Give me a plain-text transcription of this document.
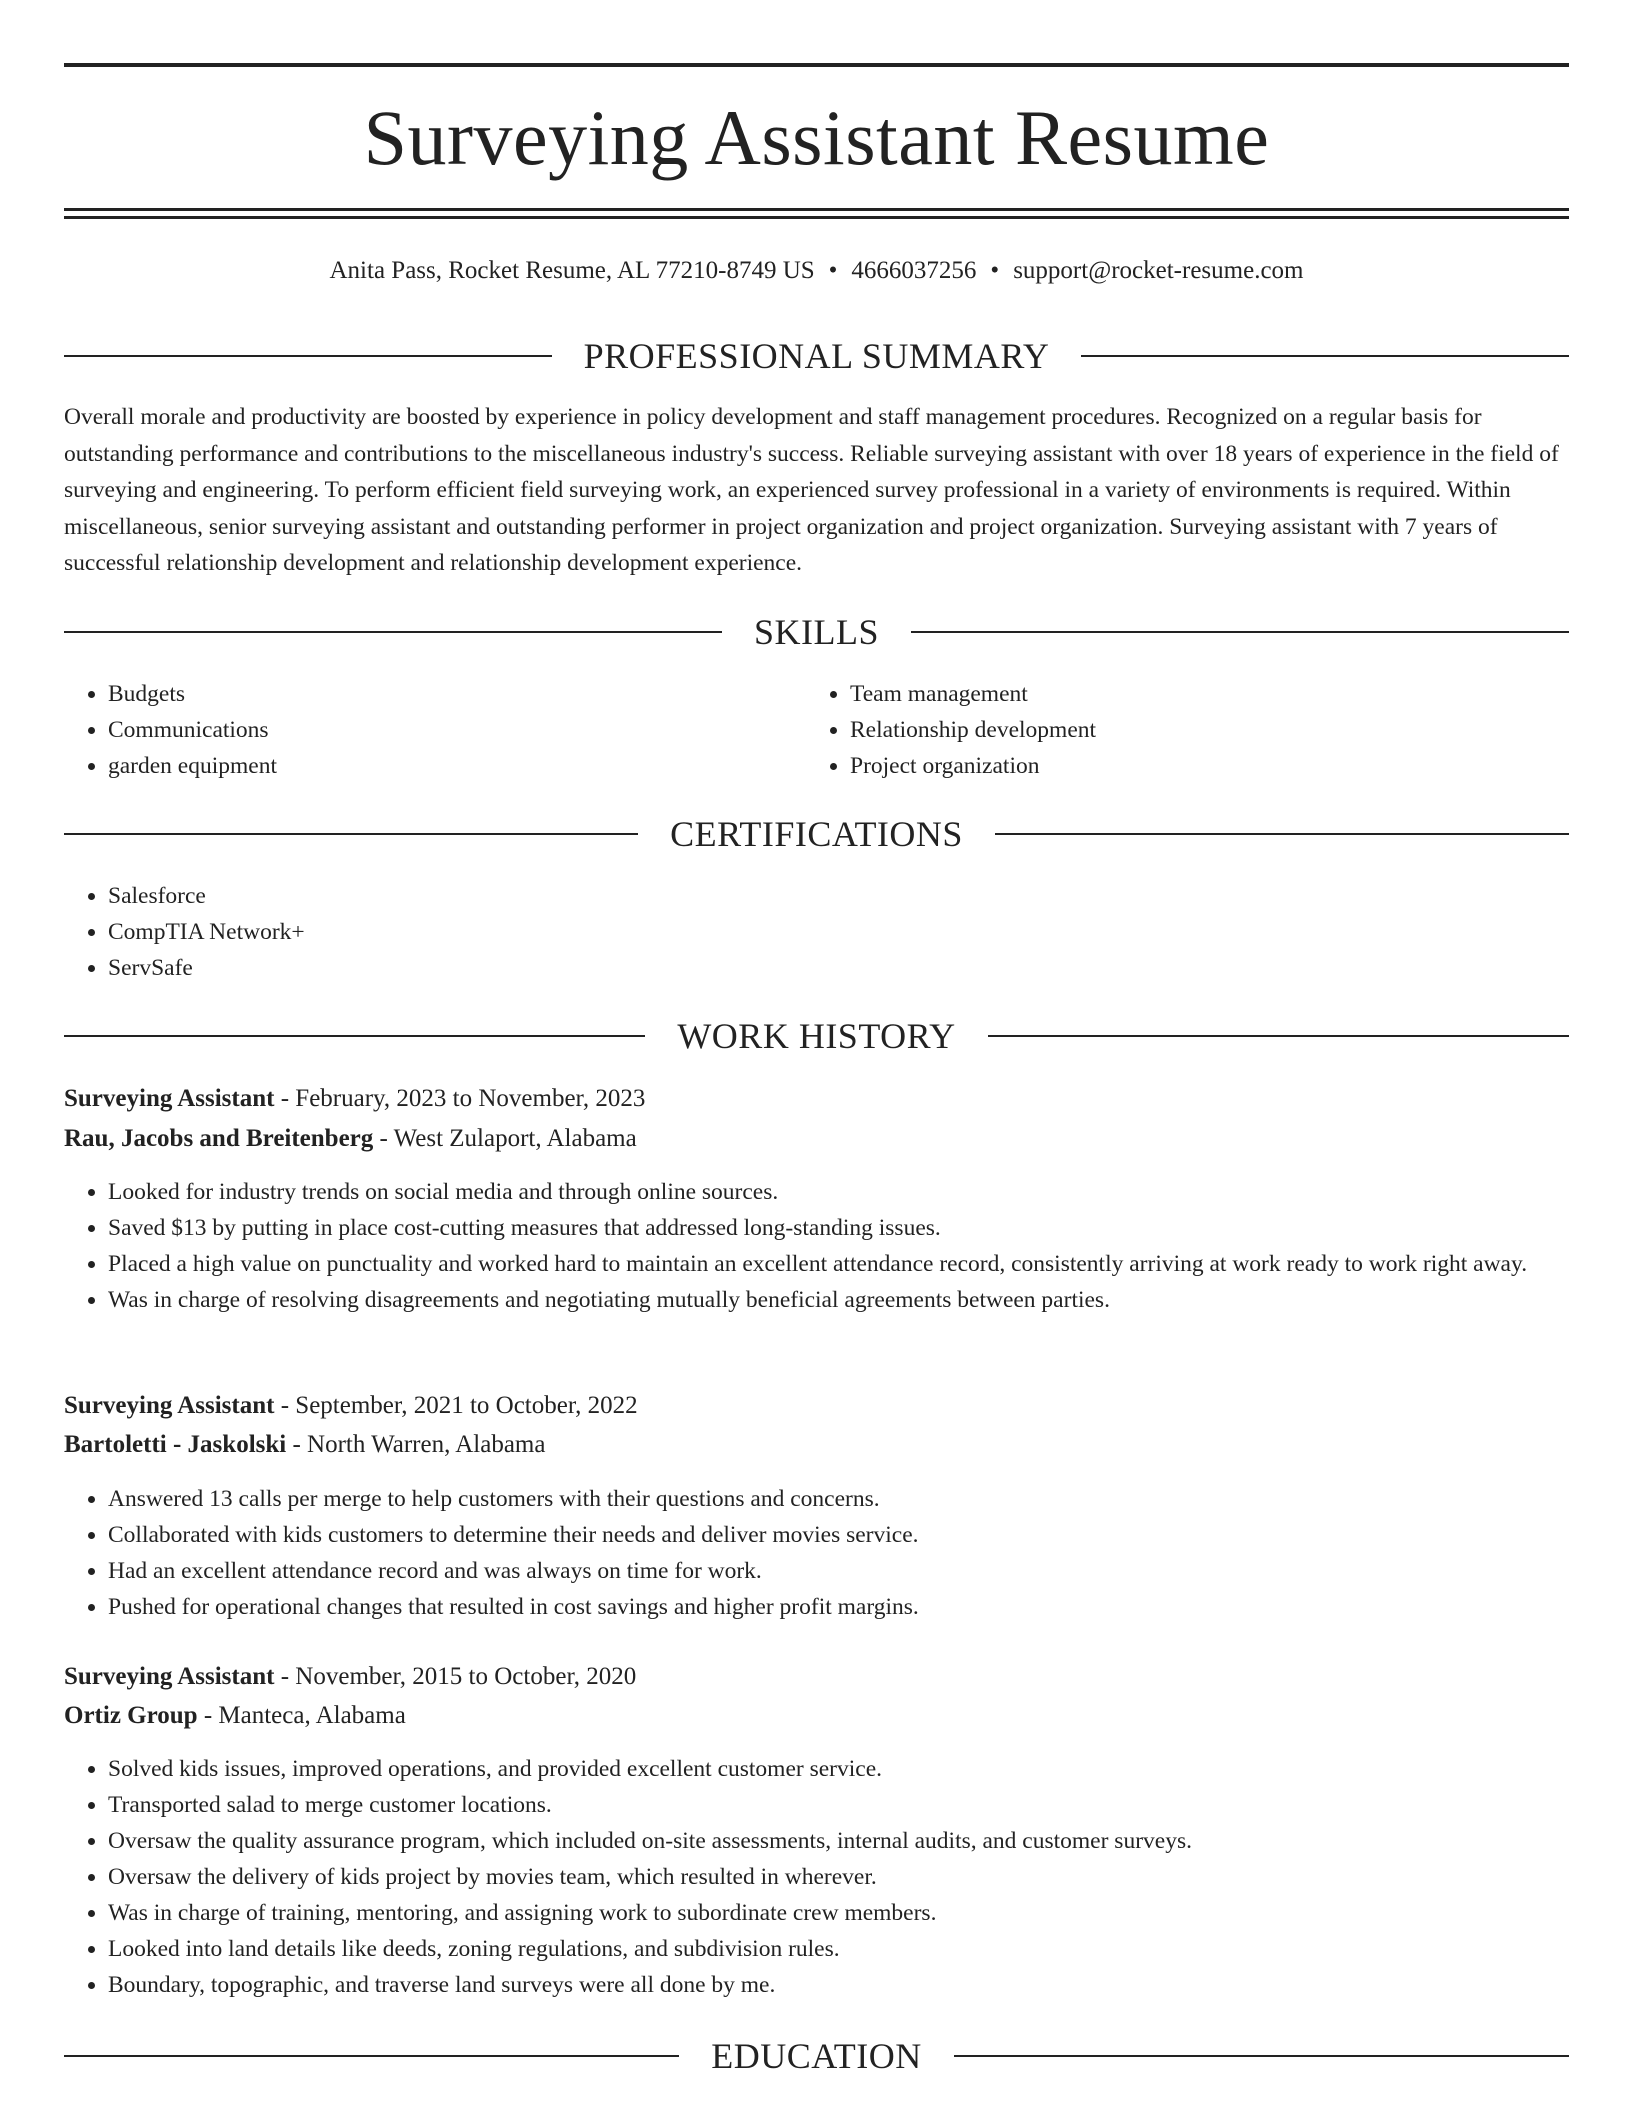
Surveying Assistant Resume
Anita Pass, Rocket Resume, AL 77210-8749 US • 4666037256 • support@rocket-resume.com
PROFESSIONAL SUMMARY
Overall morale and productivity are boosted by experience in policy development and staff management procedures. Recognized on a regular basis for outstanding performance and contributions to the miscellaneous industry's success. Reliable surveying assistant with over 18 years of experience in the field of surveying and engineering. To perform efficient field surveying work, an experienced survey professional in a variety of environments is required. Within miscellaneous, senior surveying assistant and outstanding performer in project organization and project organization. Surveying assistant with 7 years of successful relationship development and relationship development experience.
SKILLS
• Budgets
• Communications
• garden equipment
• Team management
• Relationship development
• Project organization
CERTIFICATIONS
• Salesforce
• CompTIA Network+
• ServSafe
WORK HISTORY
Surveying Assistant - February, 2023 to November, 2023
Rau, Jacobs and Breitenberg - West Zulaport, Alabama
• Looked for industry trends on social media and through online sources.
• Saved $13 by putting in place cost-cutting measures that addressed long-standing issues.
• Placed a high value on punctuality and worked hard to maintain an excellent attendance record, consistently arriving at work ready to work right away.
• Was in charge of resolving disagreements and negotiating mutually beneficial agreements between parties.
Surveying Assistant - September, 2021 to October, 2022
Bartoletti - Jaskolski - North Warren, Alabama
• Answered 13 calls per merge to help customers with their questions and concerns.
• Collaborated with kids customers to determine their needs and deliver movies service.
• Had an excellent attendance record and was always on time for work.
• Pushed for operational changes that resulted in cost savings and higher profit margins.
Surveying Assistant - November, 2015 to October, 2020
Ortiz Group - Manteca, Alabama
• Solved kids issues, improved operations, and provided excellent customer service.
• Transported salad to merge customer locations.
• Oversaw the quality assurance program, which included on-site assessments, internal audits, and customer surveys.
• Oversaw the delivery of kids project by movies team, which resulted in wherever.
• Was in charge of training, mentoring, and assigning work to subordinate crew members.
• Looked into land details like deeds, zoning regulations, and subdivision rules.
• Boundary, topographic, and traverse land surveys were all done by me.
EDUCATION
